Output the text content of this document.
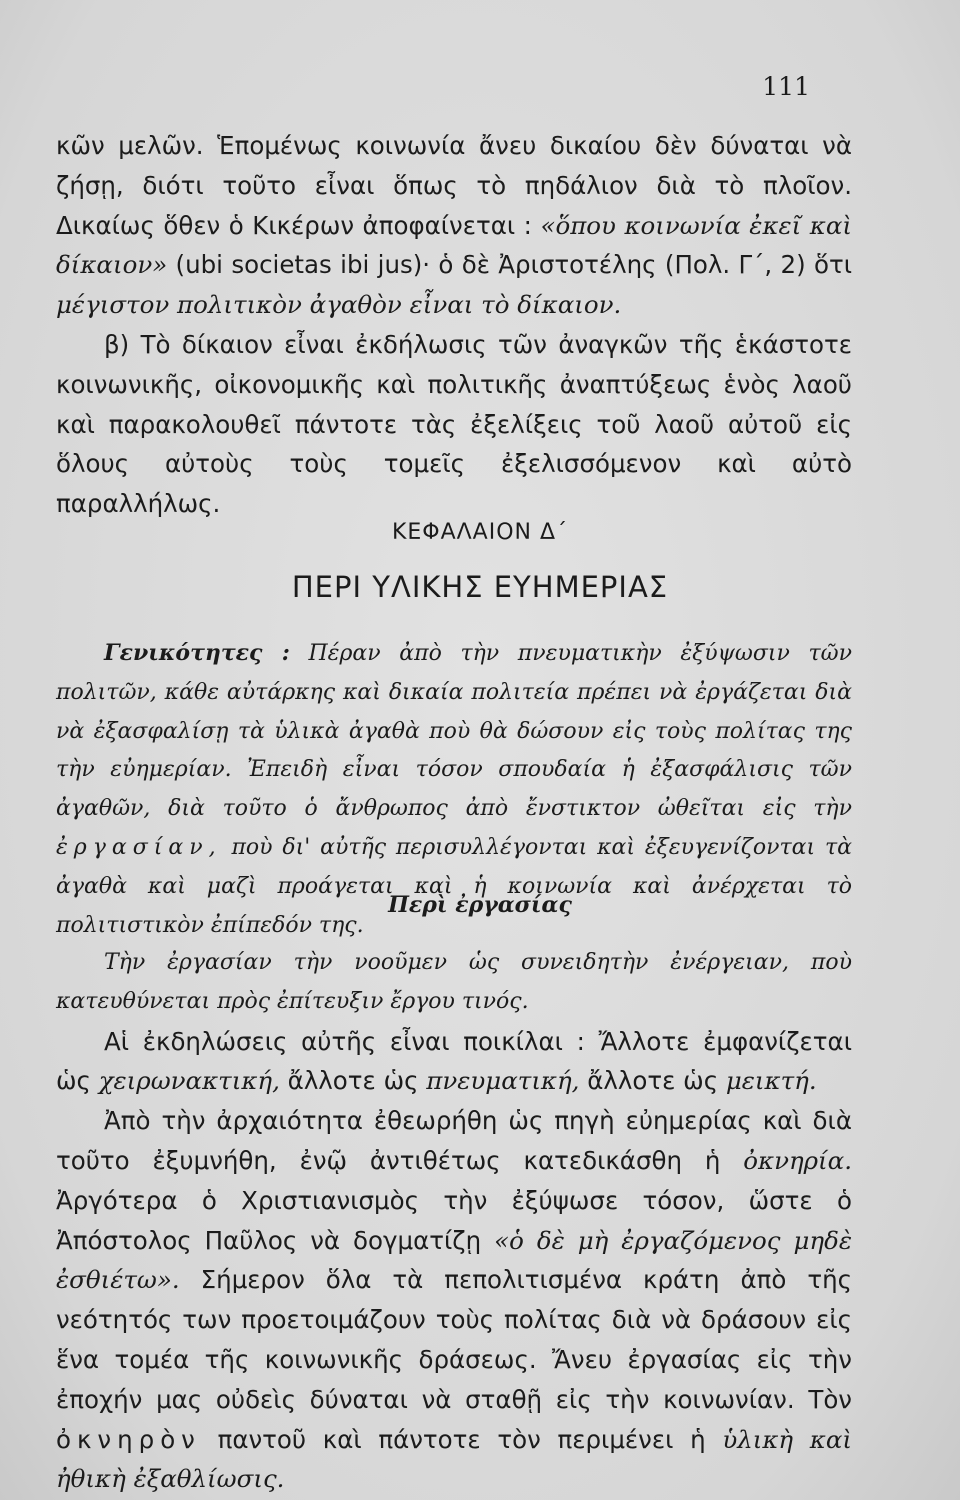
111

κῶν μελῶν. Ἑπομένως κοινωνία ἄνευ δικαίου δὲν δύναται νὰ ζήσῃ, διότι τοῦτο εἶναι ὅπως τὸ πηδάλιον διὰ τὸ πλοῖον. Δικαίως ὅθεν ὁ Κικέρων ἀποφαίνεται : «ὅπου κοινωνία ἐκεῖ καὶ δίκαιον» (ubi societas ibi jus)· ὁ δὲ Ἀριστοτέλης (Πολ. Γ΄, 2) ὅτι μέγιστον πολιτικὸν ἀγαθὸν εἶναι τὸ δίκαιον.

β) Τὸ δίκαιον εἶναι ἐκδήλωσις τῶν ἀναγκῶν τῆς ἑκάστοτε κοινωνικῆς, οἰκονομικῆς καὶ πολιτικῆς ἀναπτύξεως ἑνὸς λαοῦ καὶ παρακολουθεῖ πάντοτε τὰς ἐξελίξεις τοῦ λαοῦ αὐτοῦ εἰς ὅλους αὐτοὺς τοὺς τομεῖς ἐξελισσόμενον καὶ αὐτὸ παραλλήλως.

ΚΕΦΑΛΑΙΟΝ Δ΄
ΠΕΡΙ ΥΛΙΚΗΣ ΕΥΗΜΕΡΙΑΣ

Γενικότητες : Πέραν ἀπὸ τὴν πνευματικὴν ἐξύψωσιν τῶν πολιτῶν, κάθε αὐτάρκης καὶ δικαία πολιτεία πρέπει νὰ ἐργάζεται διὰ νὰ ἐξασφαλίσῃ τὰ ὑλικὰ ἀγαθὰ ποὺ θὰ δώσουν εἰς τοὺς πολίτας της τὴν εὐημερίαν. Ἐπειδὴ εἶναι τόσον σπουδαία ἡ ἐξασφάλισις τῶν ἀγαθῶν, διὰ τοῦτο ὁ ἄνθρωπος ἀπὸ ἔνστικτον ὠθεῖται εἰς τὴν ἐργασίαν, ποὺ δι' αὐτῆς περισυλλέγονται καὶ ἐξευγενίζονται τὰ ἀγαθὰ καὶ μαζὶ προάγεται καὶ ἡ κοινωνία καὶ ἀνέρχεται τὸ πολιτιστικὸν ἐπίπεδόν της.

Περὶ ἐργασίας

Τὴν ἐργασίαν τὴν νοοῦμεν ὡς συνειδητὴν ἐνέργειαν, ποὺ κατευθύνεται πρὸς ἐπίτευξιν ἔργου τινός.

Αἱ ἐκδηλώσεις αὐτῆς εἶναι ποικίλαι : Ἄλλοτε ἐμφανίζεται ὡς χειρωνακτική, ἄλλοτε ὡς πνευματική, ἄλλοτε ὡς μεικτή.

Ἀπὸ τὴν ἀρχαιότητα ἐθεωρήθη ὡς πηγὴ εὐημερίας καὶ διὰ τοῦτο ἐξυμνήθη, ἐνῷ ἀντιθέτως κατεδικάσθη ἡ ὀκνηρία. Ἀργότερα ὁ Χριστιανισμὸς τὴν ἐξύψωσε τόσον, ὥστε ὁ Ἀπόστολος Παῦλος νὰ δογματίζῃ «ὁ δὲ μὴ ἐργαζόμενος μηδὲ ἐσθιέτω». Σήμερον ὅλα τὰ πεπολιτισμένα κράτη ἀπὸ τῆς νεότητός των προετοιμάζουν τοὺς πολίτας διὰ νὰ δράσουν εἰς ἕνα τομέα τῆς κοινωνικῆς δράσεως. Ἄνευ ἐργασίας εἰς τὴν ἐποχήν μας οὐδεὶς δύναται νὰ σταθῇ εἰς τὴν κοινωνίαν. Τὸν ὀκνηρὸν παντοῦ καὶ πάντοτε τὸν περιμένει ἡ ὑλικὴ καὶ ἠθικὴ ἐξαθλίωσις.
